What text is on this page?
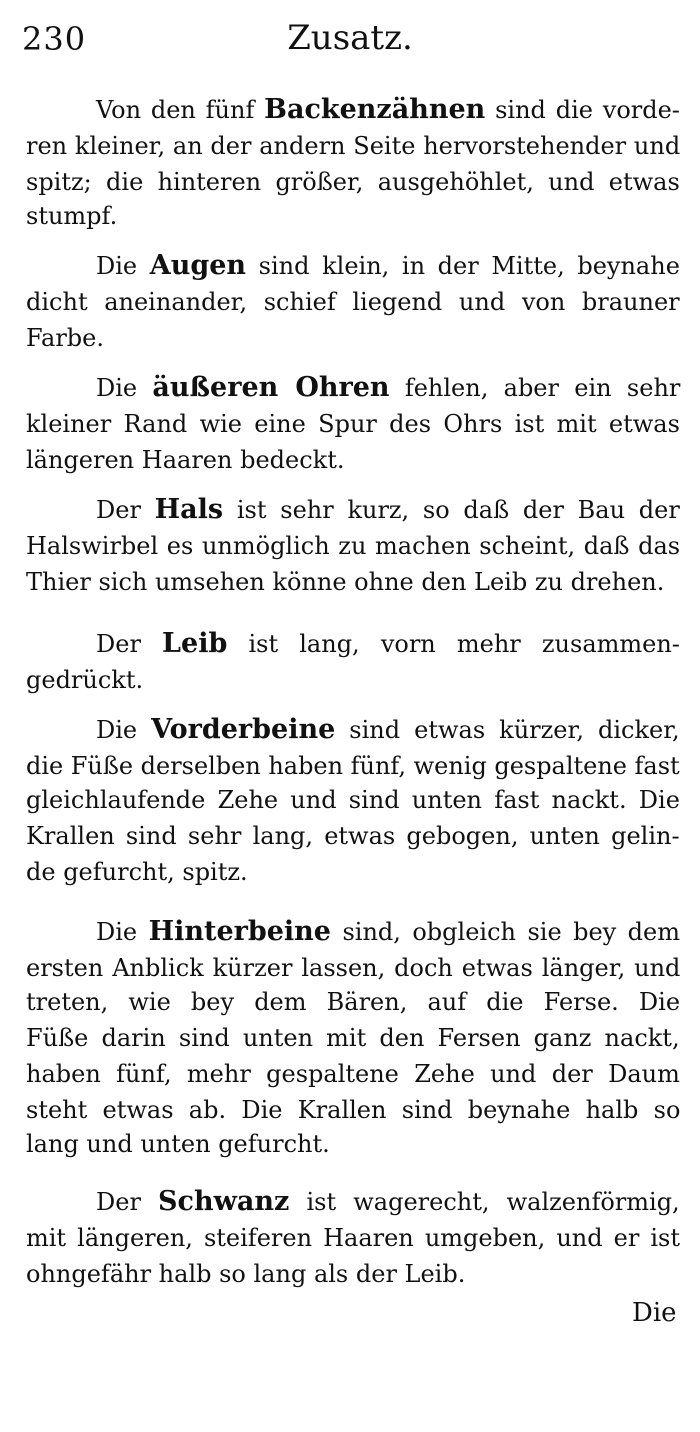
230	Zusatz.
Von den fünf Backenzähnen sind die vorde-
ren kleiner, an der andern Seite hervorstehender und
spitz; die hinteren größer, ausgehöhlet, und etwas
stumpf.
Die Augen sind klein, in der Mitte, beynahe
dicht aneinander, schief liegend und von brauner
Farbe.
Die äußeren Ohren fehlen, aber ein sehr
kleiner Rand wie eine Spur des Ohrs ist mit etwas
längeren Haaren bedeckt.
Der Hals ist sehr kurz, so daß der Bau der
Halswirbel es unmöglich zu machen scheint, daß das
Thier sich umsehen könne ohne den Leib zu drehen.
Der Leib ist lang, vorn mehr zusammen-
gedrückt.
Die Vorderbeine sind etwas kürzer, dicker,
die Füße derselben haben fünf, wenig gespaltene fast
gleichlaufende Zehe und sind unten fast nackt. Die
Krallen sind sehr lang, etwas gebogen, unten gelin-
de gefurcht, spitz.
Die Hinterbeine sind, obgleich sie bey dem
ersten Anblick kürzer lassen, doch etwas länger, und
treten, wie bey dem Bären, auf die Ferse. Die
Füße darin sind unten mit den Fersen ganz nackt,
haben fünf, mehr gespaltene Zehe und der Daum
steht etwas ab. Die Krallen sind beynahe halb so
lang und unten gefurcht.
Der Schwanz ist wagerecht, walzenförmig,
mit längeren, steiferen Haaren umgeben, und er ist
ohngefähr halb so lang als der Leib.
Die
